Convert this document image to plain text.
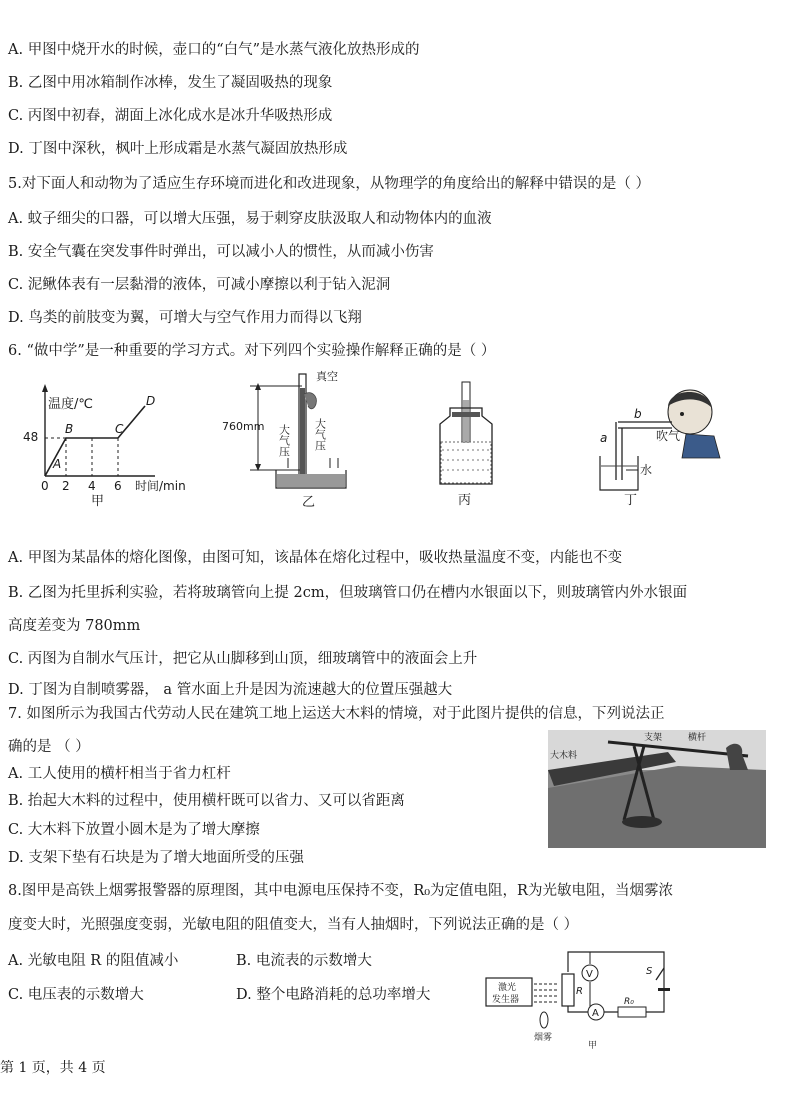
A. 甲图中烧开水的时候，壶口的“白气”是水蒸气液化放热形成的
B. 乙图中用冰箱制作冰棒，发生了凝固吸热的现象
C. 丙图中初春，湖面上冰化成水是冰升华吸热形成
D. 丁图中深秋，枫叶上形成霜是水蒸气凝固放热形成
5.对下面人和动物为了适应生存环境而进化和改进现象，从物理学的角度给出的解释中错误的是（ ）
A. 蚊子细尖的口器，可以增大压强，易于刺穿皮肤汲取人和动物体内的血液
B. 安全气囊在突发事件时弹出，可以减小人的惯性，从而减小伤害
C. 泥鳅体表有一层黏滑的液体，可减小摩擦以利于钻入泥洞
D. 鸟类的前肢变为翼，可增大与空气作用力而得以飞翔
6. “做中学”是一种重要的学习方式。对下列四个实验操作解释正确的是（ ）
温度/℃
48
0 2 4 6 时间/min
A
B	C
D
甲
760mm
真空
大气压 大气压
乙	丙
a
b
吹气
水
丁
A. 甲图为某晶体的熔化图像，由图可知，该晶体在熔化过程中，吸收热量温度不变，内能也不变
B. 乙图为托里拆利实验，若将玻璃管向上提 2cm，但玻璃管口仍在槽内水银面以下，则玻璃管内外水银面
高度差变为 780mm
C. 丙图为自制水气压计，把它从山脚移到山顶，细玻璃管中的液面会上升
D. 丁图为自制喷雾器， a 管水面上升是因为流速越大的位置压强越大
7. 如图所示为我国古代劳动人民在建筑工地上运送大木料的情境，对于此图片提供的信息，下列说法正
确的是 （ ）
A. 工人使用的横杆相当于省力杠杆
B. 抬起大木料的过程中，使用横杆既可以省力、又可以省距离
C. 大木料下放置小圆木是为了增大摩擦
D. 支架下垫有石块是为了增大地面所受的压强
大木料
支架	横杆
8.图甲是高铁上烟雾报警器的原理图，其中电源电压保持不变，R₀为定值电阻，R为光敏电阻，当烟雾浓
度变大时，光照强度变弱，光敏电阻的阻值变大，当有人抽烟时，下列说法正确的是（ ）
A. 光敏电阻 R 的阻值减小	B. 电流表的示数增大
C. 电压表的示数增大	D. 整个电路消耗的总功率增大	激光
发生器
R
V
A
R₀
S
烟雾
甲
第 1 页，共 4 页
